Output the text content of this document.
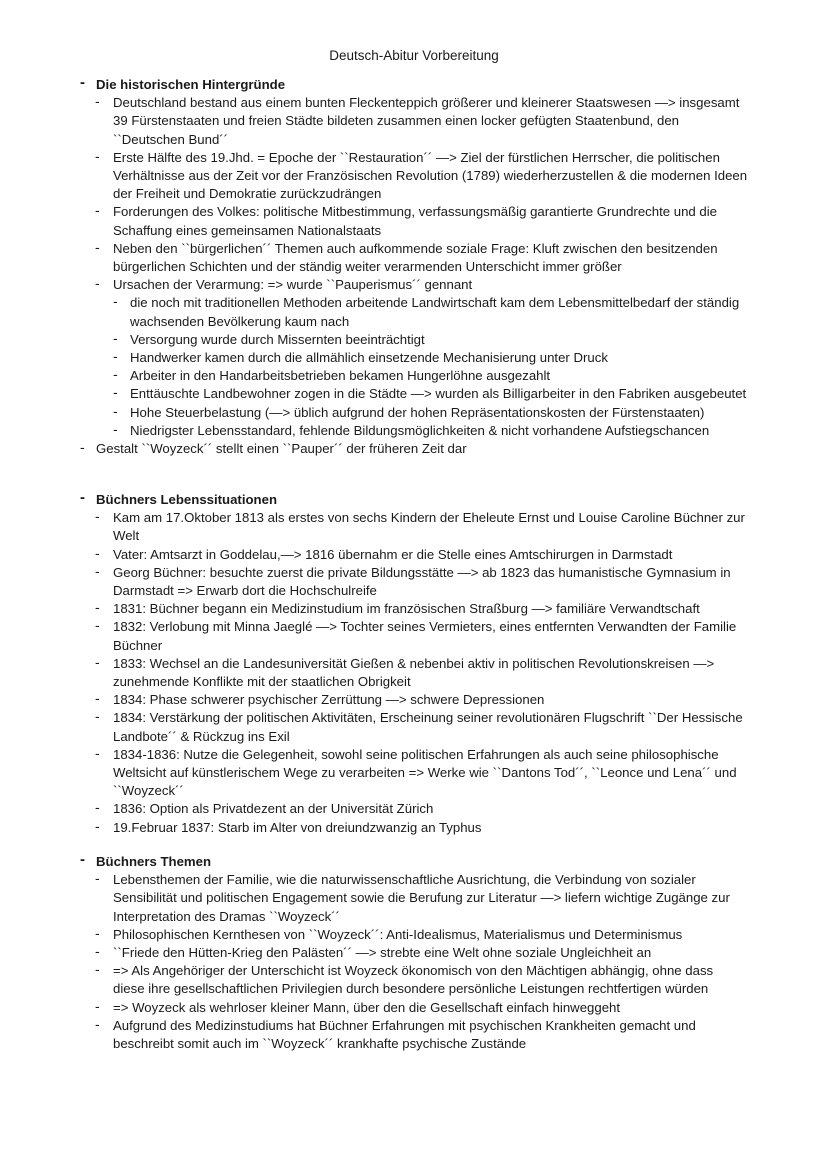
Deutsch-Abitur Vorbereitung
- Die historischen Hintergründe
- Deutschland bestand aus einem bunten Fleckenteppich größerer und kleinerer Staatswesen —> insgesamt 39 Fürstenstaaten und freien Städte bildeten zusammen einen locker gefügten Staatenbund, den ``Deutschen Bund´´
- Erste Hälfte des 19.Jhd. = Epoche der ``Restauration´´ —> Ziel der fürstlichen Herrscher, die politischen Verhältnisse aus der Zeit vor der Französischen Revolution (1789) wiederherzustellen & die modernen Ideen der Freiheit und Demokratie zurückzudrängen
- Forderungen des Volkes: politische Mitbestimmung, verfassungsmäßig garantierte Grundrechte und die Schaffung eines gemeinsamen Nationalstaats
- Neben den ``bürgerlichen´´ Themen auch aufkommende soziale Frage: Kluft zwischen den besitzenden bürgerlichen Schichten und der ständig weiter verarmenden Unterschicht immer größer
- Ursachen der Verarmung: => wurde ``Pauperismus´´ gennant
- die noch mit traditionellen Methoden arbeitende Landwirtschaft kam dem Lebensmittelbedarf der ständig wachsenden Bevölkerung kaum nach
- Versorgung wurde durch Missernten beeinträchtigt
- Handwerker kamen durch die allmählich einsetzende Mechanisierung unter Druck
- Arbeiter in den Handarbeitsbetrieben bekamen Hungerlöhne ausgezahlt
- Enttäuschte Landbewohner zogen in die Städte —> wurden als Billigarbeiter in den Fabriken ausgebeutet
- Hohe Steuerbelastung (—> üblich aufgrund der hohen Repräsentationskosten der Fürstenstaaten)
- Niedrigster Lebensstandard, fehlende Bildungsmöglichkeiten & nicht vorhandene Aufstiegschancen
- Gestalt ``Woyzeck´´ stellt einen ``Pauper´´ der früheren Zeit dar
- Büchners Lebenssituationen
- Kam am 17.Oktober 1813 als erstes von sechs Kindern der Eheleute Ernst und Louise Caroline Büchner zur Welt
- Vater: Amtsarzt in Goddelau,—> 1816 übernahm er die Stelle eines Amtschirurgen in Darmstadt
- Georg Büchner: besuchte zuerst die private Bildungsstätte —> ab 1823 das humanistische Gymnasium in Darmstadt => Erwarb dort die Hochschulreife
- 1831: Büchner begann ein Medizinstudium im französischen Straßburg —> familiäre Verwandtschaft
- 1832: Verlobung mit Minna Jaeglé —> Tochter seines Vermieters, eines entfernten Verwandten der Familie Büchner
- 1833: Wechsel an die Landesuniversität Gießen & nebenbei aktiv in politischen Revolutionskreisen —> zunehmende Konflikte mit der staatlichen Obrigkeit
- 1834: Phase schwerer psychischer Zerrüttung —> schwere Depressionen
- 1834: Verstärkung der politischen Aktivitäten, Erscheinung seiner revolutionären Flugschrift ``Der Hessische Landbote´´ & Rückzug ins Exil
- 1834-1836: Nutze die Gelegenheit, sowohl seine politischen Erfahrungen als auch seine philosophische Weltsicht auf künstlerischem Wege zu verarbeiten => Werke wie ``Dantons Tod´´, ``Leonce und Lena´´ und ``Woyzeck´´
- 1836: Option als Privatdezent an der Universität Zürich
- 19.Februar 1837: Starb im Alter von dreiundzwanzig an Typhus
- Büchners Themen
- Lebensthemen der Familie, wie die naturwissenschaftliche Ausrichtung, die Verbindung von sozialer Sensibilität und politischen Engagement sowie die Berufung zur Literatur —> liefern wichtige Zugänge zur Interpretation des Dramas ``Woyzeck´´
- Philosophischen Kernthesen von ``Woyzeck´´: Anti-Idealismus, Materialismus und Determinismus
- ``Friede den Hütten-Krieg den Palästen´´ —> strebte eine Welt ohne soziale Ungleichheit an
- => Als Angehöriger der Unterschicht ist Woyzeck ökonomisch von den Mächtigen abhängig, ohne dass diese ihre gesellschaftlichen Privilegien durch besondere persönliche Leistungen rechtfertigen würden
- => Woyzeck als wehrloser kleiner Mann, über den die Gesellschaft einfach hinweggeht
- Aufgrund des Medizinstudiums hat Büchner Erfahrungen mit psychischen Krankheiten gemacht und beschreibt somit auch im ``Woyzeck´´ krankhafte psychische Zustände
